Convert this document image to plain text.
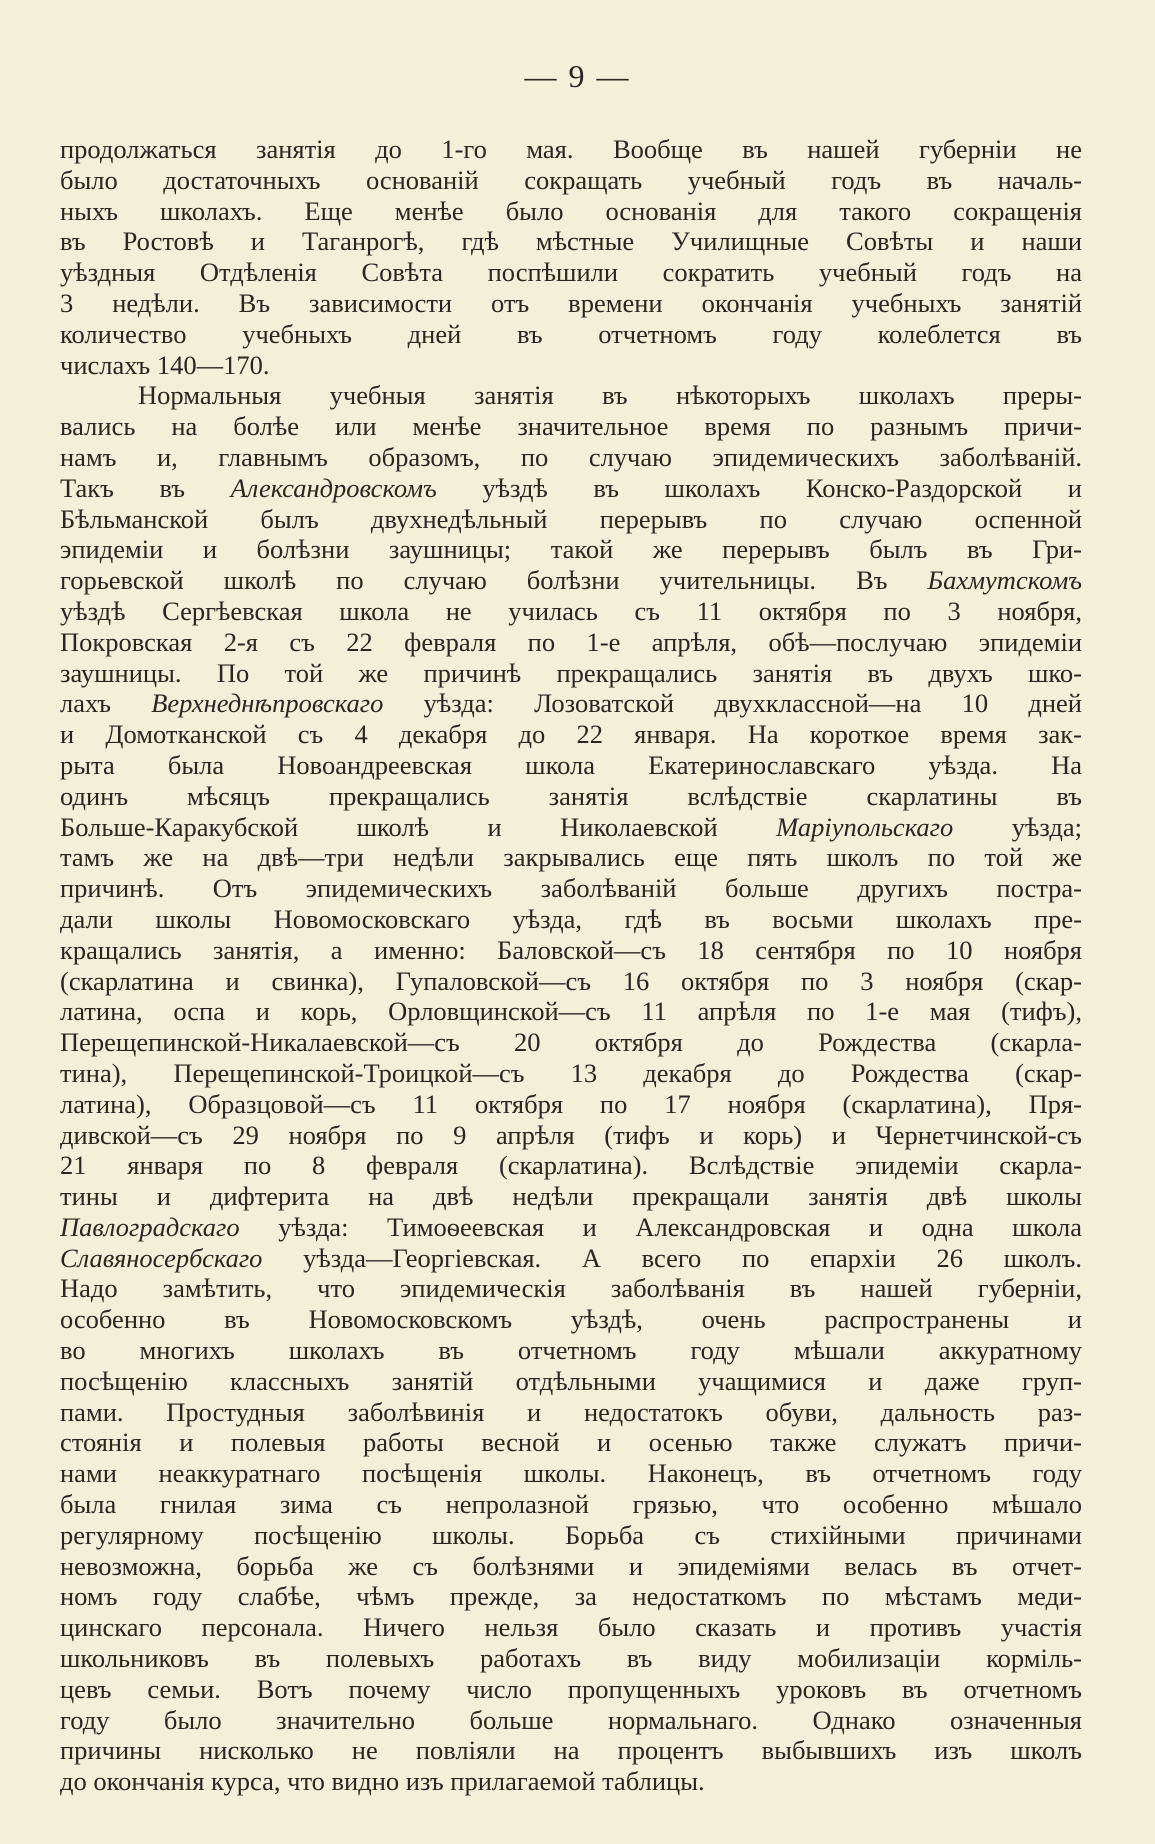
— 9 —
продолжаться занятія до 1-го мая. Вообще въ нашей губерніи не
было достаточныхъ основаній сокращать учебный годъ въ началь-
ныхъ школахъ. Еще менѣе было основанія для такого сокращенія
въ Ростовѣ и Таганрогѣ, гдѣ мѣстные Училищные Совѣты и наши
уѣздныя Отдѣленія Совѣта поспѣшили сократить учебный годъ на
3 недѣли. Въ зависимости отъ времени окончанія учебныхъ занятій
количество учебныхъ дней въ отчетномъ году колеблется въ
числахъ 140—170.
Нормальныя учебныя занятія въ нѣкоторыхъ школахъ преры-
вались на болѣе или менѣе значительное время по разнымъ причи-
намъ и, главнымъ образомъ, по случаю эпидемическихъ заболѣваній.
Такъ въ Александровскомъ уѣздѣ въ школахъ Конско-Раздорской и
Бѣльманской былъ двухнедѣльный перерывъ по случаю оспенной
эпидеміи и болѣзни заушницы; такой же перерывъ былъ въ Гри-
горьевской школѣ по случаю болѣзни учительницы. Въ Бахмутскомъ
уѣздѣ Сергѣевская школа не училась съ 11 октября по 3 ноября,
Покровская 2-я съ 22 февраля по 1-е апрѣля, обѣ—послучаю эпидеміи
заушницы. По той же причинѣ прекращались занятія въ двухъ шко-
лахъ Верхнеднѣпровскаго уѣзда: Лозоватской двухклассной—на 10 дней
и Домотканской съ 4 декабря до 22 января. На короткое время зак-
рыта была Новоандреевская школа Екатеринославскаго уѣзда. На
одинъ мѣсяцъ прекращались занятія вслѣдствіе скарлатины въ
Больше-Каракубской школѣ и Николаевской Маріупольскаго уѣзда;
тамъ же на двѣ—три недѣли закрывались еще пять школъ по той же
причинѣ. Отъ эпидемическихъ заболѣваній больше другихъ постра-
дали школы Новомосковскаго уѣзда, гдѣ въ восьми школахъ пре-
кращались занятія, а именно: Баловской—съ 18 сентября по 10 ноября
(скарлатина и свинка), Гупаловской—съ 16 октября по 3 ноября (скар-
латина, оспа и корь, Орловщинской—съ 11 апрѣля по 1-е мая (тифъ),
Перещепинской-Никалаевской—съ 20 октября до Рождества (скарла-
тина), Перещепинской-Троицкой—съ 13 декабря до Рождества (скар-
латина), Образцовой—съ 11 октября по 17 ноября (скарлатина), Пря-
дивской—съ 29 ноября по 9 апрѣля (тифъ и корь) и Чернетчинской-съ
21 января по 8 февраля (скарлатина). Вслѣдствіе эпидеміи скарла-
тины и дифтерита на двѣ недѣли прекращали занятія двѣ школы
Павлоградскаго уѣзда: Тимоѳеевская и Александровская и одна школа
Славяносербскаго уѣзда—Георгіевская. А всего по епархіи 26 школъ.
Надо замѣтить, что эпидемическія заболѣванія въ нашей губерніи,
особенно въ Новомосковскомъ уѣздѣ, очень распространены и
во многихъ школахъ въ отчетномъ году мѣшали аккуратному
посѣщенію классныхъ занятій отдѣльными учащимися и даже груп-
пами. Простудныя заболѣвинія и недостатокъ обуви, дальность раз-
стоянія и полевыя работы весной и осенью также служатъ причи-
нами неаккуратнаго посѣщенія школы. Наконецъ, въ отчетномъ году
была гнилая зима съ непролазной грязью, что особенно мѣшало
регулярному посѣщенію школы. Борьба съ стихійными причинами
невозможна, борьба же съ болѣзнями и эпидеміями велась въ отчет-
номъ году слабѣе, чѣмъ прежде, за недостаткомъ по мѣстамъ меди-
цинскаго персонала. Ничего нельзя было сказать и противъ участія
школьниковъ въ полевыхъ работахъ въ виду мобилизаціи корміль-
цевъ семьи. Вотъ почему число пропущенныхъ уроковъ въ отчетномъ
году было значительно больше нормальнаго. Однако означенныя
причины нисколько не повліяли на процентъ выбывшихъ изъ школъ
до окончанія курса, что видно изъ прилагаемой таблицы.
